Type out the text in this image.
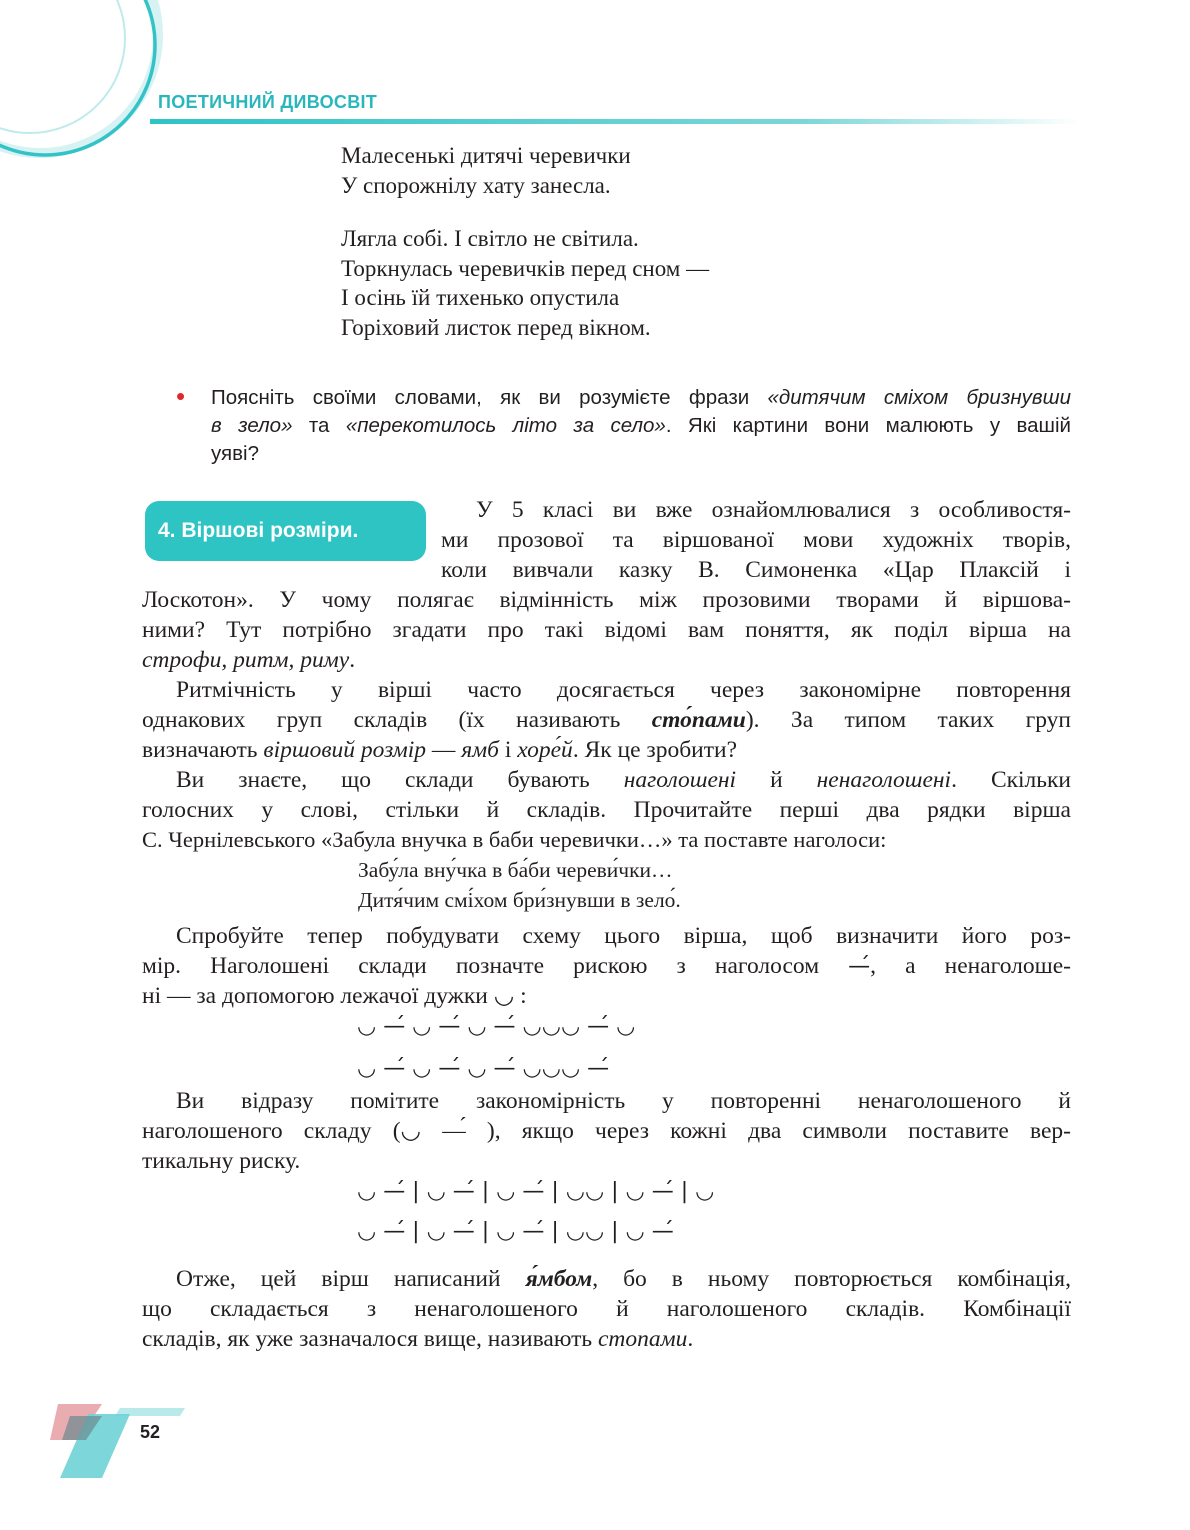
ПОЕТИЧНИЙ ДИВОСВІТ
Малесенькі дитячі черевички
У спорожнілу хату занесла.
Лягла собі. І світло не світила.
Торкнулась черевичків перед сном —
І осінь їй тихенько опустила
Горіховий листок перед вікном.
• Поясніть своїми словами, як ви розумієте фрази «дитячим сміхом бризнувши
в зело» та «перекотилось літо за село». Які картини вони малюють у вашій
уяві?
4. Віршові розміри.
У 5 класі ви вже ознайомлювалися з особливостя-
ми прозової та віршованої мови художніх творів,
коли вивчали казку В. Симоненка «Цар Плаксій і
Лоскотон». У чому полягає відмінність між прозовими творами й віршова-
ними? Тут потрібно згадати про такі відомі вам поняття, як поділ вірша на
строфи, ритм, риму.
Ритмічність у вірші часто досягається через закономірне повторення
однакових груп складів (їх називають сто́пами). За типом таких груп
визначають віршовий розмір — ямб і хоре́й. Як це зробити?
Ви знаєте, що склади бувають наголошені й ненаголошені. Скільки
голосних у слові, стільки й складів. Прочитайте перші два рядки вірша
С. Чернілевського «Забула внучка в баби черевички…» та поставте наголоси:
Забу́ла вну́чка в ба́би череви́чки…
Дитя́чим смі́хом бри́знувши в зело́.
Спробуйте тепер побудувати схему цього вірша, щоб визначити його роз-
мір. Наголошені склади позначте рискою з наголосом —́, а ненаголоше-
ні — за допомогою лежачої дужки ◡ :
◡ —́ ◡ —́ ◡ —́ ◡◡◡ —́ ◡
◡ —́ ◡ —́ ◡ —́ ◡◡◡ —́
Ви відразу помітите закономірність у повторенні ненаголошеного й
наголошеного складу (◡ —́ ), якщо через кожні два символи поставите вер-
тикальну риску.
◡ —́ | ◡ —́ | ◡ —́ | ◡◡ | ◡ —́ | ◡
◡ —́ | ◡ —́ | ◡ —́ | ◡◡ | ◡ —́
Отже, цей вірш написаний я́мбом, бо в ньому повторюється комбінація,
що складається з ненаголошеного й наголошеного складів. Комбінації
складів, як уже зазначалося вище, називають стопами.
52
